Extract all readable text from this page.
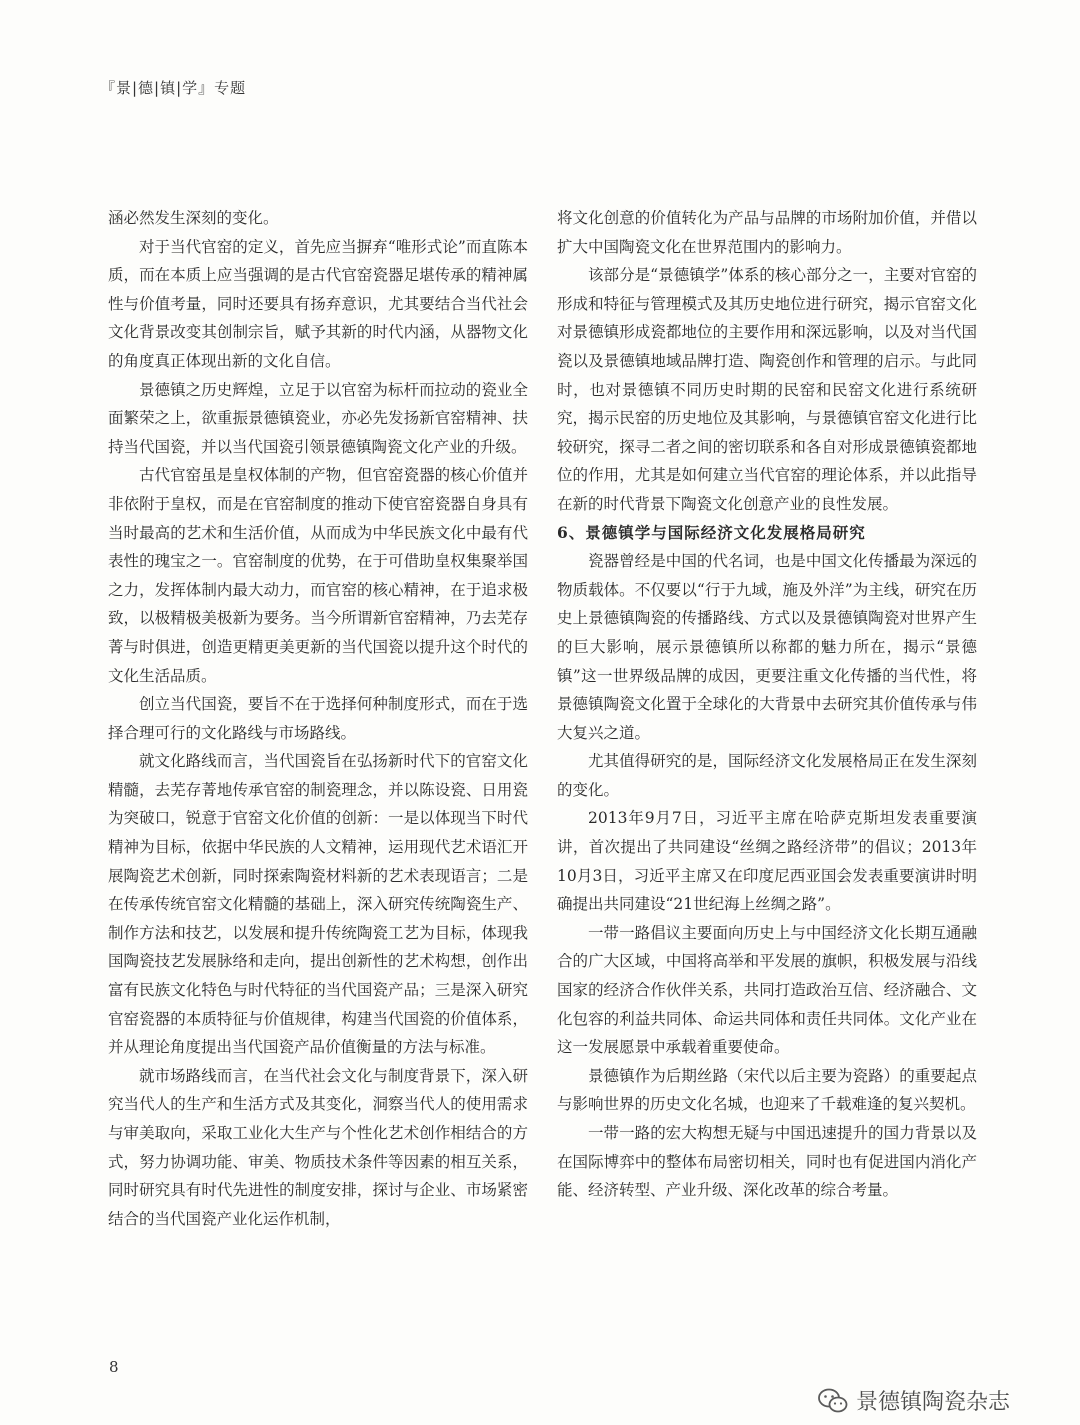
『景|德|镇|学』专题

涵必然发生深刻的变化。

对于当代官窑的定义，首先应当摒弃“唯形式论”而直陈本质，而在本质上应当强调的是古代官窑瓷器足堪传承的精神属性与价值考量，同时还要具有扬弃意识，尤其要结合当代社会文化背景改变其创制宗旨，赋予其新的时代内涵，从器物文化的角度真正体现出新的文化自信。

景德镇之历史辉煌，立足于以官窑为标杆而拉动的瓷业全面繁荣之上，欲重振景德镇瓷业，亦必先发扬新官窑精神、扶持当代国瓷，并以当代国瓷引领景德镇陶瓷文化产业的升级。

古代官窑虽是皇权体制的产物，但官窑瓷器的核心价值并非依附于皇权，而是在官窑制度的推动下使官窑瓷器自身具有当时最高的艺术和生活价值，从而成为中华民族文化中最有代表性的瑰宝之一。官窑制度的优势，在于可借助皇权集聚举国之力，发挥体制内最大动力，而官窑的核心精神，在于追求极致，以极精极美极新为要务。当今所谓新官窑精神，乃去芜存菁与时俱进，创造更精更美更新的当代国瓷以提升这个时代的文化生活品质。

创立当代国瓷，要旨不在于选择何种制度形式，而在于选择合理可行的文化路线与市场路线。

就文化路线而言，当代国瓷旨在弘扬新时代下的官窑文化精髓，去芜存菁地传承官窑的制瓷理念，并以陈设瓷、日用瓷为突破口，锐意于官窑文化价值的创新：一是以体现当下时代精神为目标，依据中华民族的人文精神，运用现代艺术语汇开展陶瓷艺术创新，同时探索陶瓷材料新的艺术表现语言；二是在传承传统官窑文化精髓的基础上，深入研究传统陶瓷生产、制作方法和技艺，以发展和提升传统陶瓷工艺为目标，体现我国陶瓷技艺发展脉络和走向，提出创新性的艺术构想，创作出富有民族文化特色与时代特征的当代国瓷产品；三是深入研究官窑瓷器的本质特征与价值规律，构建当代国瓷的价值体系，并从理论角度提出当代国瓷产品价值衡量的方法与标准。

就市场路线而言，在当代社会文化与制度背景下，深入研究当代人的生产和生活方式及其变化，洞察当代人的使用需求与审美取向，采取工业化大生产与个性化艺术创作相结合的方式，努力协调功能、审美、物质技术条件等因素的相互关系，同时研究具有时代先进性的制度安排，探讨与企业、市场紧密结合的当代国瓷产业化运作机制，

将文化创意的价值转化为产品与品牌的市场附加价值，并借以扩大中国陶瓷文化在世界范围内的影响力。

该部分是“景德镇学”体系的核心部分之一，主要对官窑的形成和特征与管理模式及其历史地位进行研究，揭示官窑文化对景德镇形成瓷都地位的主要作用和深远影响，以及对当代国瓷以及景德镇地域品牌打造、陶瓷创作和管理的启示。与此同时，也对景德镇不同历史时期的民窑和民窑文化进行系统研究，揭示民窑的历史地位及其影响，与景德镇官窑文化进行比较研究，探寻二者之间的密切联系和各自对形成景德镇瓷都地位的作用，尤其是如何建立当代官窑的理论体系，并以此指导在新的时代背景下陶瓷文化创意产业的良性发展。

6、景德镇学与国际经济文化发展格局研究

瓷器曾经是中国的代名词，也是中国文化传播最为深远的物质载体。不仅要以“行于九域，施及外洋”为主线，研究在历史上景德镇陶瓷的传播路线、方式以及景德镇陶瓷对世界产生的巨大影响，展示景德镇所以称都的魅力所在，揭示“景德镇”这一世界级品牌的成因，更要注重文化传播的当代性，将景德镇陶瓷文化置于全球化的大背景中去研究其价值传承与伟大复兴之道。

尤其值得研究的是，国际经济文化发展格局正在发生深刻的变化。

2013年9月7日，习近平主席在哈萨克斯坦发表重要演讲，首次提出了共同建设“丝绸之路经济带”的倡议；2013年10月3日，习近平主席又在印度尼西亚国会发表重要演讲时明确提出共同建设“21世纪海上丝绸之路”。

一带一路倡议主要面向历史上与中国经济文化长期互通融合的广大区域，中国将高举和平发展的旗帜，积极发展与沿线国家的经济合作伙伴关系，共同打造政治互信、经济融合、文化包容的利益共同体、命运共同体和责任共同体。文化产业在这一发展愿景中承载着重要使命。

景德镇作为后期丝路（宋代以后主要为瓷路）的重要起点与影响世界的历史文化名城，也迎来了千载难逢的复兴契机。

一带一路的宏大构想无疑与中国迅速提升的国力背景以及在国际博弈中的整体布局密切相关，同时也有促进国内消化产能、经济转型、产业升级、深化改革的综合考量。

8
景德镇陶瓷杂志
